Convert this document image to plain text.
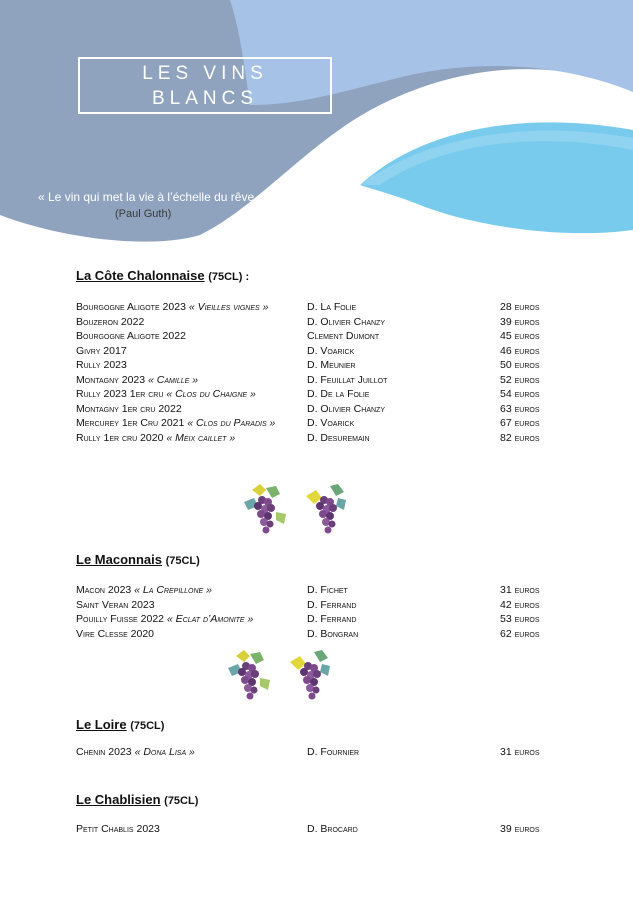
LES VINS
BLANCS
« Le vin qui met la vie à l’échelle du rêve »
(Paul Guth)
La Côte Chalonnaise (75CL) :
Bourgogne Aligote 2023 « Vieilles vignes »	D. La Folie	28 euros
Bouzeron 2022	D. Olivier Chanzy	39 euros
Bourgogne Aligote 2022	Clement Dumont	45 euros
Givry 2017	D. Voarick	46 euros
Rully 2023	D. Meunier	50 euros
Montagny 2023 « Camille »	D. Feuillat Juillot	52 euros
Rully 2023 1er cru « Clos du Chaigne »	D. De la Folie	54 euros
Montagny 1er cru 2022	D. Olivier Chanzy	63 euros
Mercurey 1er Cru 2021 « Clos du Paradis »	D. Voarick	67 euros
Rully 1er cru 2020 « Meix caillet »	D. Desuremain	82 euros
Le Maconnais (75CL)
Macon 2023 « La Crepillone »	D. Fichet	31 euros
Saint Veran 2023	D. Ferrand	42 euros
Pouilly Fuisse 2022 « Eclat d’Amonite »	D. Ferrand	53 euros
Vire Clesse 2020	D. Bongran	62 euros
Le Loire (75CL)
Chenin 2023 « Dona Lisa »	D. Fournier	31 euros
Le Chablisien (75CL)
Petit Chablis 2023	D. Brocard	39 euros
